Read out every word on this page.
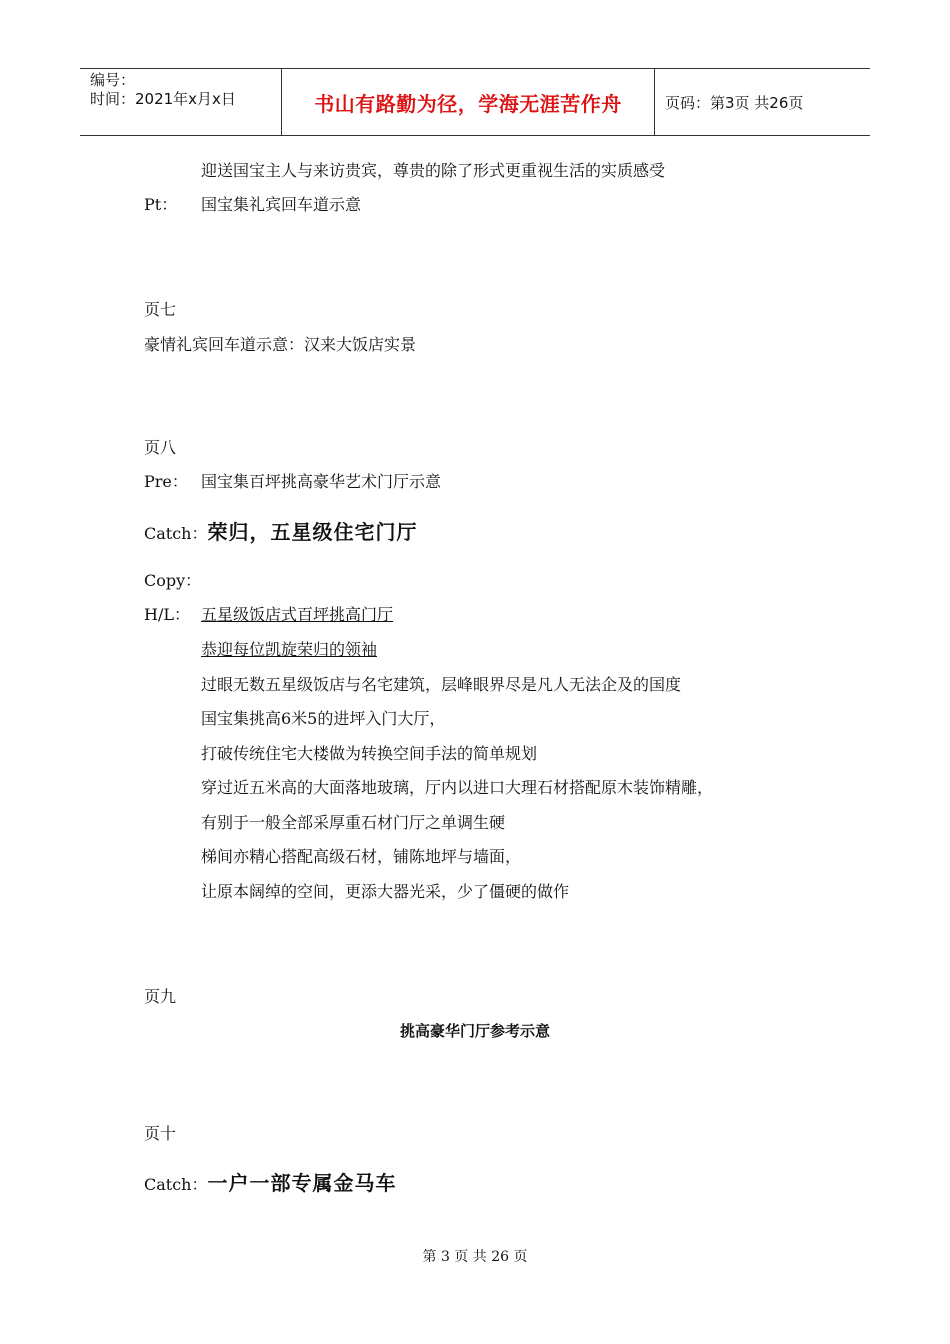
编号：
时间：2021年x月x日	书山有路勤为径，学海无涯苦作舟	页码：第3页 共26页
迎送国宝主人与来访贵宾，尊贵的除了形式更重视生活的实质感受
Pt： 国宝集礼宾回车道示意
页七
豪情礼宾回车道示意：汉来大饭店实景
页八
Pre： 国宝集百坪挑高豪华艺术门厅示意
Catch：荣归，五星级住宅门厅
Copy：
H/L： 五星级饭店式百坪挑高门厅
恭迎每位凯旋荣归的领袖
过眼无数五星级饭店与名宅建筑，层峰眼界尽是凡人无法企及的国度
国宝集挑高6米5的进坪入门大厅，
打破传统住宅大楼做为转换空间手法的简单规划
穿过近五米高的大面落地玻璃，厅内以进口大理石材搭配原木装饰精雕，
有别于一般全部采厚重石材门厅之单调生硬
梯间亦精心搭配高级石材，铺陈地坪与墙面，
让原本阔绰的空间，更添大器光采，少了僵硬的做作
页九
挑高豪华门厅参考示意
页十
Catch：一户一部专属金马车
第 3 页 共 26 页
